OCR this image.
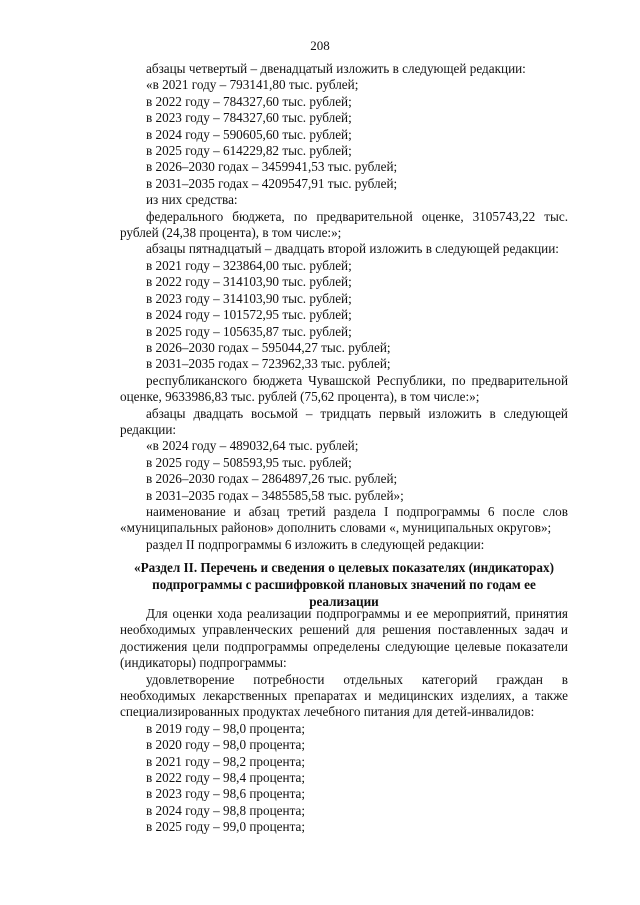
208

абзацы четвертый – двенадцатый изложить в следующей редакции:

«в 2021 году – 793141,80 тыс. рублей;

в 2022 году – 784327,60 тыс. рублей;

в 2023 году – 784327,60 тыс. рублей;

в 2024 году – 590605,60 тыс. рублей;

в 2025 году – 614229,82 тыс. рублей;

в 2026–2030 годах – 3459941,53 тыс. рублей;

в 2031–2035 годах – 4209547,91 тыс. рублей;

из них средства:

федерального бюджета, по предварительной оценке, 3105743,22 тыс. рублей (24,38 процента), в том числе:»;

абзацы пятнадцатый – двадцать второй изложить в следующей редакции:

в 2021 году – 323864,00 тыс. рублей;

в 2022 году – 314103,90 тыс. рублей;

в 2023 году – 314103,90 тыс. рублей;

в 2024 году – 101572,95 тыс. рублей;

в 2025 году – 105635,87 тыс. рублей;

в 2026–2030 годах – 595044,27 тыс. рублей;

в 2031–2035 годах – 723962,33 тыс. рублей;

республиканского бюджета Чувашской Республики, по предварительной оценке, 9633986,83 тыс. рублей (75,62 процента), в том числе:»;

абзацы двадцать восьмой – тридцать первый изложить в следующей редакции:

«в 2024 году – 489032,64 тыс. рублей;

в 2025 году – 508593,95 тыс. рублей;

в 2026–2030 годах – 2864897,26 тыс. рублей;

в 2031–2035 годах – 3485585,58 тыс. рублей»;

наименование и абзац третий раздела I подпрограммы 6 после слов «муниципальных районов» дополнить словами «, муниципальных округов»;

раздел II подпрограммы 6 изложить в следующей редакции:

«Раздел II. Перечень и сведения о целевых показателях (индикаторах)

подпрограммы с расшифровкой плановых значений по годам ее реализации

Для оценки хода реализации подпрограммы и ее мероприятий, принятия необходимых управленческих решений для решения поставленных задач и достижения цели подпрограммы определены следующие целевые показатели (индикаторы) подпрограммы:

удовлетворение потребности отдельных категорий граждан в необходимых лекарственных препаратах и медицинских изделиях, а также специализированных продуктах лечебного питания для детей-инвалидов:

в 2019 году – 98,0 процента;

в 2020 году – 98,0 процента;

в 2021 году – 98,2 процента;

в 2022 году – 98,4 процента;

в 2023 году – 98,6 процента;

в 2024 году – 98,8 процента;

в 2025 году – 99,0 процента;
